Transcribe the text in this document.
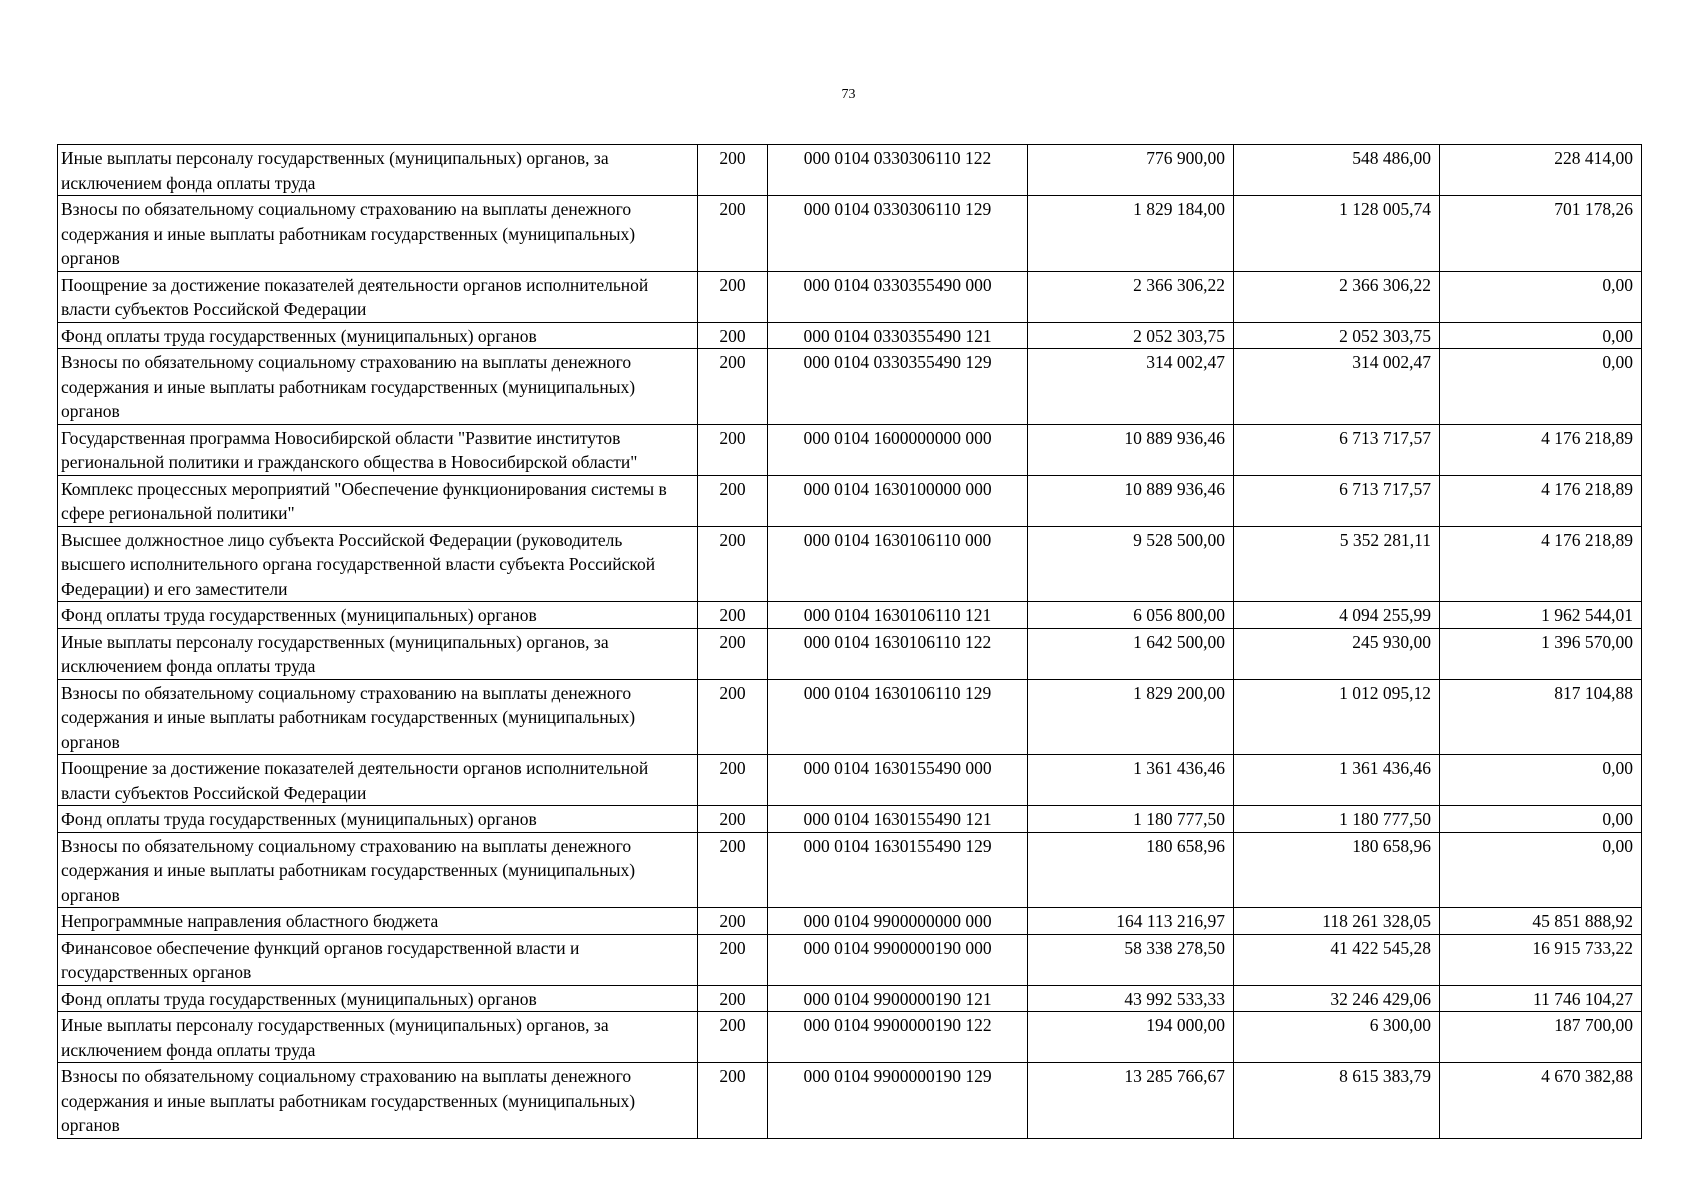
73
Иные выплаты персоналу государственных (муниципальных) органов, за исключением фонда оплаты труда	200	000 0104 0330306110 122	776 900,00	548 486,00	228 414,00
Взносы по обязательному социальному страхованию на выплаты денежного содержания и иные выплаты работникам государственных (муниципальных) органов	200	000 0104 0330306110 129	1 829 184,00	1 128 005,74	701 178,26
Поощрение за достижение показателей деятельности органов исполнительной власти субъектов Российской Федерации	200	000 0104 0330355490 000	2 366 306,22	2 366 306,22	0,00
Фонд оплаты труда государственных (муниципальных) органов	200	000 0104 0330355490 121	2 052 303,75	2 052 303,75	0,00
Взносы по обязательному социальному страхованию на выплаты денежного содержания и иные выплаты работникам государственных (муниципальных) органов	200	000 0104 0330355490 129	314 002,47	314 002,47	0,00
Государственная программа Новосибирской области "Развитие институтов региональной политики и гражданского общества в Новосибирской области"	200	000 0104 1600000000 000	10 889 936,46	6 713 717,57	4 176 218,89
Комплекс процессных мероприятий "Обеспечение функционирования системы в сфере региональной политики"	200	000 0104 1630100000 000	10 889 936,46	6 713 717,57	4 176 218,89
Высшее должностное лицо субъекта Российской Федерации (руководитель высшего исполнительного органа государственной власти субъекта Российской Федерации) и его заместители	200	000 0104 1630106110 000	9 528 500,00	5 352 281,11	4 176 218,89
Фонд оплаты труда государственных (муниципальных) органов	200	000 0104 1630106110 121	6 056 800,00	4 094 255,99	1 962 544,01
Иные выплаты персоналу государственных (муниципальных) органов, за исключением фонда оплаты труда	200	000 0104 1630106110 122	1 642 500,00	245 930,00	1 396 570,00
Взносы по обязательному социальному страхованию на выплаты денежного содержания и иные выплаты работникам государственных (муниципальных) органов	200	000 0104 1630106110 129	1 829 200,00	1 012 095,12	817 104,88
Поощрение за достижение показателей деятельности органов исполнительной власти субъектов Российской Федерации	200	000 0104 1630155490 000	1 361 436,46	1 361 436,46	0,00
Фонд оплаты труда государственных (муниципальных) органов	200	000 0104 1630155490 121	1 180 777,50	1 180 777,50	0,00
Взносы по обязательному социальному страхованию на выплаты денежного содержания и иные выплаты работникам государственных (муниципальных) органов	200	000 0104 1630155490 129	180 658,96	180 658,96	0,00
Непрограммные направления областного бюджета	200	000 0104 9900000000 000	164 113 216,97	118 261 328,05	45 851 888,92
Финансовое обеспечение функций органов государственной власти и государственных органов	200	000 0104 9900000190 000	58 338 278,50	41 422 545,28	16 915 733,22
Фонд оплаты труда государственных (муниципальных) органов	200	000 0104 9900000190 121	43 992 533,33	32 246 429,06	11 746 104,27
Иные выплаты персоналу государственных (муниципальных) органов, за исключением фонда оплаты труда	200	000 0104 9900000190 122	194 000,00	6 300,00	187 700,00
Взносы по обязательному социальному страхованию на выплаты денежного содержания и иные выплаты работникам государственных (муниципальных) органов	200	000 0104 9900000190 129	13 285 766,67	8 615 383,79	4 670 382,88
